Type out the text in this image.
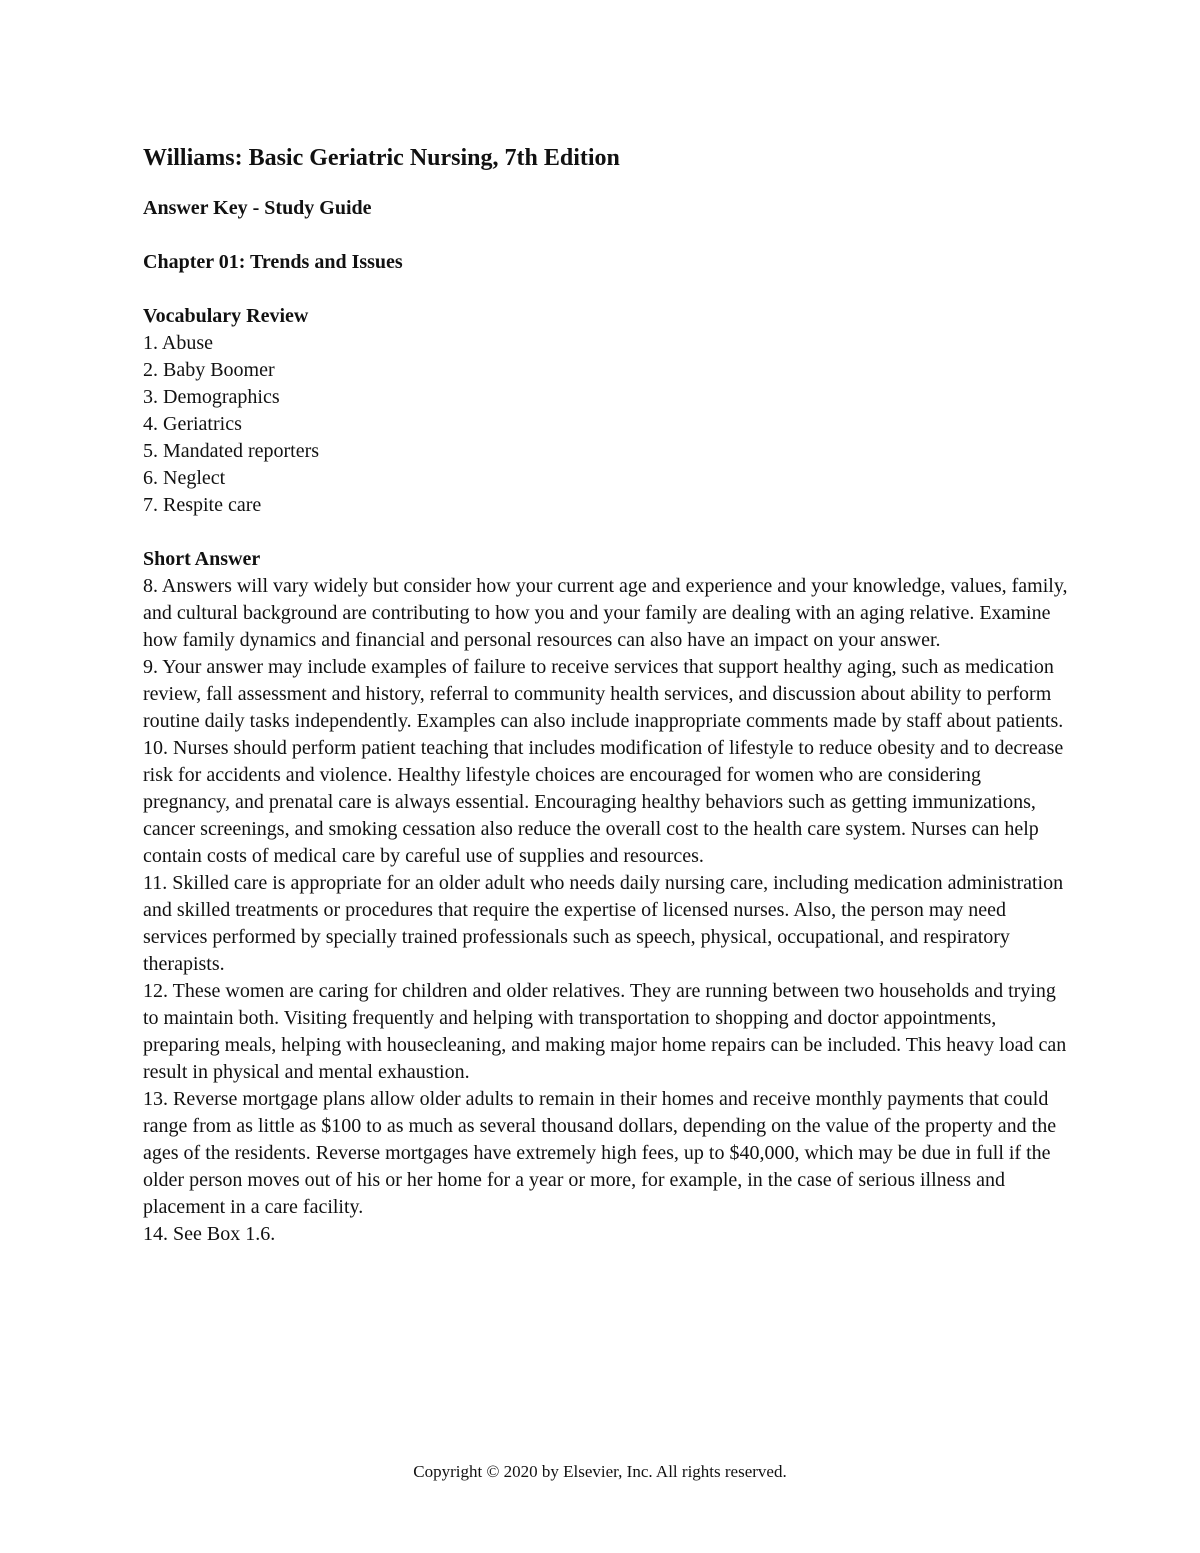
Williams: Basic Geriatric Nursing, 7th Edition
Answer Key - Study Guide
Chapter 01: Trends and Issues
Vocabulary Review
1. Abuse
2. Baby Boomer
3. Demographics
4. Geriatrics
5. Mandated reporters
6. Neglect
7. Respite care
Short Answer
8. Answers will vary widely but consider how your current age and experience and your knowledge, values, family, and cultural background are contributing to how you and your family are dealing with an aging relative. Examine how family dynamics and financial and personal resources can also have an impact on your answer.
9. Your answer may include examples of failure to receive services that support healthy aging, such as medication review, fall assessment and history, referral to community health services, and discussion about ability to perform routine daily tasks independently. Examples can also include inappropriate comments made by staff about patients.
10. Nurses should perform patient teaching that includes modification of lifestyle to reduce obesity and to decrease risk for accidents and violence. Healthy lifestyle choices are encouraged for women who are considering pregnancy, and prenatal care is always essential. Encouraging healthy behaviors such as getting immunizations, cancer screenings, and smoking cessation also reduce the overall cost to the health care system. Nurses can help contain costs of medical care by careful use of supplies and resources.
11. Skilled care is appropriate for an older adult who needs daily nursing care, including medication administration and skilled treatments or procedures that require the expertise of licensed nurses. Also, the person may need services performed by specially trained professionals such as speech, physical, occupational, and respiratory therapists.
12. These women are caring for children and older relatives. They are running between two households and trying to maintain both. Visiting frequently and helping with transportation to shopping and doctor appointments, preparing meals, helping with housecleaning, and making major home repairs can be included. This heavy load can result in physical and mental exhaustion.
13. Reverse mortgage plans allow older adults to remain in their homes and receive monthly payments that could range from as little as $100 to as much as several thousand dollars, depending on the value of the property and the ages of the residents. Reverse mortgages have extremely high fees, up to $40,000, which may be due in full if the older person moves out of his or her home for a year or more, for example, in the case of serious illness and placement in a care facility.
14. See Box 1.6.
Copyright © 2020 by Elsevier, Inc. All rights reserved.
